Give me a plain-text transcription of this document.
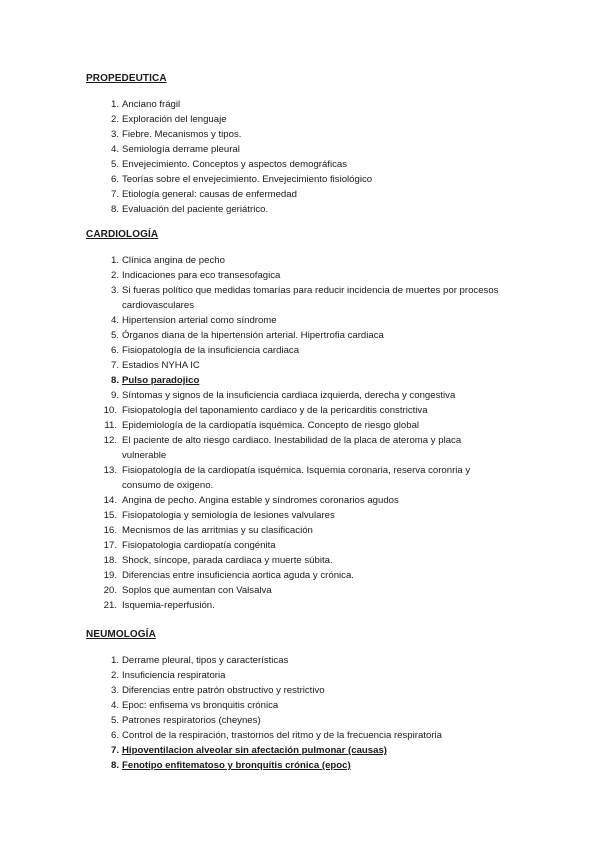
PROPEDEUTICA
1. Anciano frágil
2. Exploración del lenguaje
3. Fiebre. Mecanismos y tipos.
4. Semiología derrame pleural
5. Envejecimiento. Conceptos y aspectos demográficas
6. Teorías sobre el envejecimiento. Envejecimiento fisiológico
7. Etiología general: causas de enfermedad
8. Evaluación del paciente geriátrico.
CARDIOLOGÍA
1. Clínica angina de pecho
2. Indicaciones para eco transesofagica
3. Si fueras político que medidas tomarías para reducir incidencia de muertes por procesos cardiovasculares
4. Hipertension arterial como síndrome
5. Órganos diana de la hipertensión arterial. Hipertrofia cardiaca
6. Fisiopatología de la insuficiencia cardiaca
7. Estadios NYHA IC
8. Pulso paradojico
9. Síntomas y signos de la insuficiencia cardiaca izquierda, derecha y congestiva
10. Fisiopatología del taponamiento cardiaco y de la pericarditis constrictiva
11. Epidemiología de la cardiopatía isquémica. Concepto de riesgo global
12. El paciente de alto riesgo cardiaco. Inestabilidad de la placa de ateroma y placa vulnerable
13. Fisiopatología de la cardiopatía isquémica. Isquemia coronaria, reserva coronria y consumo de oxigeno.
14. Angina de pecho. Angina estable y síndromes coronarios agudos
15. Fisiopatologia y semiología de lesiones valvulares
16. Mecnismos de las arritmias y su clasificación
17. Fisiopatologia cardiopatía congénita
18. Shock, síncope, parada cardiaca y muerte súbita.
19. Diferencias entre insuficiencia aortica aguda y crónica.
20. Soplos que aumentan con Valsalva
21. Isquemia-reperfusión.
NEUMOLOGÍA
1. Derrame pleural, tipos y características
2. Insuficiencia respiratoria
3. Diferencias entre patrón obstructivo y restrictivo
4. Epoc: enfisema vs bronquitis crónica
5. Patrones respiratorios (cheynes)
6. Control de la respiración, trastornos del ritmo y de la frecuencia respiratoria
7. Hipoventilacion alveolar sin afectación pulmonar (causas)
8. Fenotipo enfitematoso y bronquitis crónica (epoc)
